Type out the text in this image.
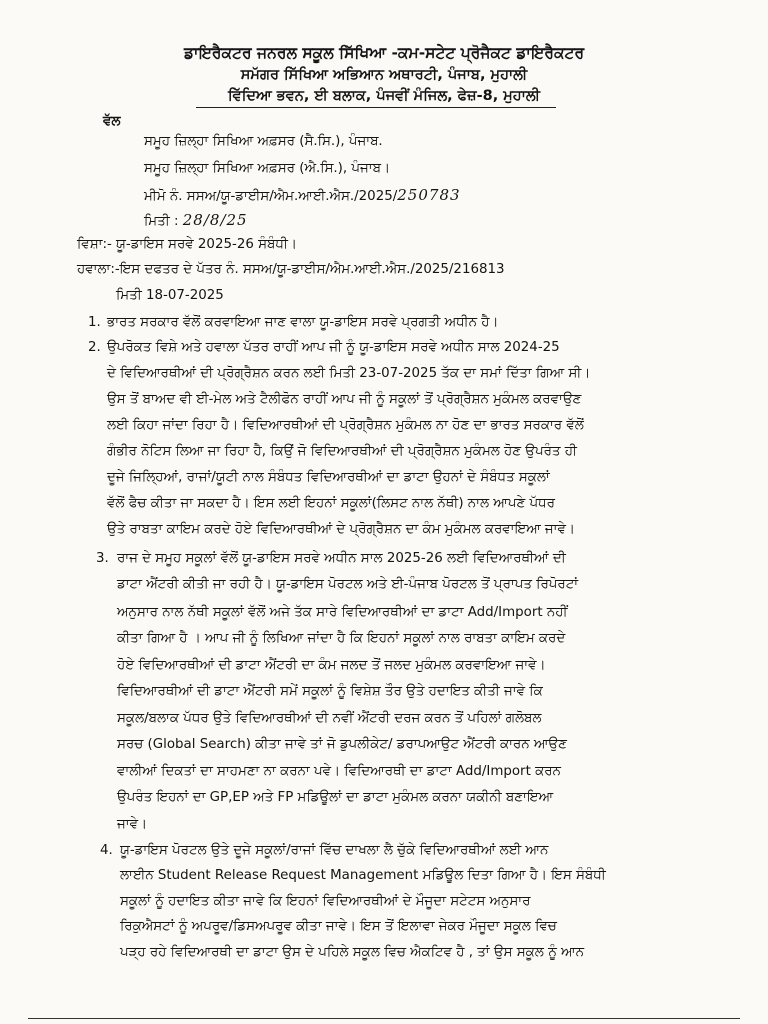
ਡਾਇਰੈਕਟਰ ਜਨਰਲ ਸਕੂਲ ਸਿੱਖਿਆ -ਕਮ-ਸਟੇਟ ਪ੍ਰੋਜੈਕਟ ਡਾਇਰੈਕਟਰ
ਸਮੱਗਰ ਸਿੱਖਿਆ ਅਭਿਆਨ ਅਥਾਰਟੀ, ਪੰਜਾਬ, ਮੁਹਾਲੀ
ਵਿੱਦਿਆ ਭਵਨ, ਈ ਬਲਾਕ, ਪੰਜਵੀਂ ਮੰਜਿਲ, ਫੇਜ਼-8, ਮੁਹਾਲੀ
ਵੱਲ
ਸਮੂਹ ਜ਼ਿਲ੍ਹਾ ਸਿਖਿਆ ਅਫ਼ਸਰ (ਸੈ.ਸਿ.), ਪੰਜਾਬ.
ਸਮੂਹ ਜ਼ਿਲ੍ਹਾ ਸਿਖਿਆ ਅਫ਼ਸਰ (ਐ.ਸਿ.), ਪੰਜਾਬ।
ਮੀਮੋ ਨੰ. ਸਸਅ/ਯੂ-ਡਾਈਸ/ਐਮ.ਆਈ.ਐਸ./2025/250783
ਮਿਤੀ : 28/8/25
ਵਿਸ਼ਾ:- ਯੂ-ਡਾਇਸ ਸਰਵੇ 2025-26 ਸੰਬੰਧੀ।
ਹਵਾਲਾ:-ਇਸ ਦਫਤਰ ਦੇ ਪੱਤਰ ਨੰ. ਸਸਅ/ਯੂ-ਡਾਈਸ/ਐਮ.ਆਈ.ਐਸ./2025/216813
ਮਿਤੀ 18-07-2025
1. ਭਾਰਤ ਸਰਕਾਰ ਵੱਲੋਂ ਕਰਵਾਇਆ ਜਾਣ ਵਾਲਾ ਯੂ-ਡਾਇਸ ਸਰਵੇ ਪ੍ਰਗਤੀ ਅਧੀਨ ਹੈ।
2. ਉਪਰੋਕਤ ਵਿਸ਼ੇ ਅਤੇ ਹਵਾਲਾ ਪੱਤਰ ਰਾਹੀਂ ਆਪ ਜੀ ਨੂੰ ਯੂ-ਡਾਇਸ ਸਰਵੇ ਅਧੀਨ ਸਾਲ 2024-25
ਦੇ ਵਿਦਿਆਰਥੀਆਂ ਦੀ ਪ੍ਰੋਗ੍ਰੈਸ਼ਨ ਕਰਨ ਲਈ ਮਿਤੀ 23-07-2025 ਤੱਕ ਦਾ ਸਮਾਂ ਦਿੱਤਾ ਗਿਆ ਸੀ।
ਉਸ ਤੋਂ ਬਾਅਦ ਵੀ ਈ-ਮੇਲ ਅਤੇ ਟੈਲੀਫੋਨ ਰਾਹੀਂ ਆਪ ਜੀ ਨੂੰ ਸਕੂਲਾਂ ਤੋਂ ਪ੍ਰੋਗ੍ਰੈਸ਼ਨ ਮੁਕੰਮਲ ਕਰਵਾਉਣ
ਲਈ ਕਿਹਾ ਜਾਂਦਾ ਰਿਹਾ ਹੈ। ਵਿਦਿਆਰਥੀਆਂ ਦੀ ਪ੍ਰੋਗ੍ਰੈਸ਼ਨ ਮੁਕੰਮਲ ਨਾ ਹੋਣ ਦਾ ਭਾਰਤ ਸਰਕਾਰ ਵੱਲੋਂ
ਗੰਭੀਰ ਨੋਟਿਸ ਲਿਆ ਜਾ ਰਿਹਾ ਹੈ, ਕਿਉਂ ਜੋ ਵਿਦਿਆਰਥੀਆਂ ਦੀ ਪ੍ਰੋਗ੍ਰੈਸ਼ਨ ਮੁਕੰਮਲ ਹੋਣ ਉਪਰੰਤ ਹੀ
ਦੂਜੇ ਜਿਲ੍ਹਿਆਂ, ਰਾਜਾਂ/ਯੂਟੀ ਨਾਲ ਸੰਬੰਧਤ ਵਿਦਿਆਰਥੀਆਂ ਦਾ ਡਾਟਾ ਉਹਨਾਂ ਦੇ ਸੰਬੰਧਤ ਸਕੂਲਾਂ
ਵੱਲੋਂ ਫੈਚ ਕੀਤਾ ਜਾ ਸਕਦਾ ਹੈ। ਇਸ ਲਈ ਇਹਨਾਂ ਸਕੂਲਾਂ(ਲਿਸਟ ਨਾਲ ਨੱਥੀ) ਨਾਲ ਆਪਣੇ ਪੱਧਰ
ਉਤੇ ਰਾਬਤਾ ਕਾਇਮ ਕਰਦੇ ਹੋਏ ਵਿਦਿਆਰਥੀਆਂ ਦੇ ਪ੍ਰੋਗ੍ਰੈਸ਼ਨ ਦਾ ਕੰਮ ਮੁਕੰਮਲ ਕਰਵਾਇਆ ਜਾਵੇ।
3. ਰਾਜ ਦੇ ਸਮੂਹ ਸਕੂਲਾਂ ਵੱਲੋਂ ਯੂ-ਡਾਇਸ ਸਰਵੇ ਅਧੀਨ ਸਾਲ 2025-26 ਲਈ ਵਿਦਿਆਰਥੀਆਂ ਦੀ
ਡਾਟਾ ਐਂਟਰੀ ਕੀਤੀ ਜਾ ਰਹੀ ਹੈ। ਯੂ-ਡਾਇਸ ਪੋਰਟਲ ਅਤੇ ਈ-ਪੰਜਾਬ ਪੋਰਟਲ ਤੋਂ ਪ੍ਰਾਪਤ ਰਿਪੋਰਟਾਂ
ਅਨੁਸਾਰ ਨਾਲ ਨੱਥੀ ਸਕੂਲਾਂ ਵੱਲੋਂ ਅਜੇ ਤੱਕ ਸਾਰੇ ਵਿਦਿਆਰਥੀਆਂ ਦਾ ਡਾਟਾ Add/Import ਨਹੀਂ
ਕੀਤਾ ਗਿਆ ਹੈ । ਆਪ ਜੀ ਨੂੰ ਲਿਖਿਆ ਜਾਂਦਾ ਹੈ ਕਿ ਇਹਨਾਂ ਸਕੂਲਾਂ ਨਾਲ ਰਾਬਤਾ ਕਾਇਮ ਕਰਦੇ
ਹੋਏ ਵਿਦਿਆਰਥੀਆਂ ਦੀ ਡਾਟਾ ਐਂਟਰੀ ਦਾ ਕੰਮ ਜਲਦ ਤੋਂ ਜਲਦ ਮੁਕੰਮਲ ਕਰਵਾਇਆ ਜਾਵੇ।
ਵਿਦਿਆਰਥੀਆਂ ਦੀ ਡਾਟਾ ਐਂਟਰੀ ਸਮੇਂ ਸਕੂਲਾਂ ਨੂੰ ਵਿਸ਼ੇਸ਼ ਤੌਰ ਉਤੇ ਹਦਾਇਤ ਕੀਤੀ ਜਾਵੇ ਕਿ
ਸਕੂਲ/ਬਲਾਕ ਪੱਧਰ ਉਤੇ ਵਿਦਿਆਰਥੀਆਂ ਦੀ ਨਵੀਂ ਐਂਟਰੀ ਦਰਜ ਕਰਨ ਤੋਂ ਪਹਿਲਾਂ ਗਲੋਬਲ
ਸਰਚ (Global Search) ਕੀਤਾ ਜਾਵੇ ਤਾਂ ਜੋ ਡੁਪਲੀਕੇਟ/ ਡਰਾਪਆਉਟ ਐਂਟਰੀ ਕਾਰਨ ਆਉਣ
ਵਾਲੀਆਂ ਦਿਕਤਾਂ ਦਾ ਸਾਹਮਣਾ ਨਾ ਕਰਨਾ ਪਵੇ। ਵਿਦਿਆਰਥੀ ਦਾ ਡਾਟਾ Add/Import ਕਰਨ
ਉਪਰੰਤ ਇਹਨਾਂ ਦਾ GP,EP ਅਤੇ FP ਮਡਿਊਲਾਂ ਦਾ ਡਾਟਾ ਮੁਕੰਮਲ ਕਰਨਾ ਯਕੀਨੀ ਬਣਾਇਆ
ਜਾਵੇ।
4. ਯੂ-ਡਾਇਸ ਪੋਰਟਲ ਉਤੇ ਦੂਜੇ ਸਕੂਲਾਂ/ਰਾਜਾਂ ਵਿੱਚ ਦਾਖਲਾ ਲੈ ਚੁੱਕੇ ਵਿਦਿਆਰਥੀਆਂ ਲਈ ਆਨ
ਲਾਈਨ Student Release Request Management ਮਡਿਊਲ ਦਿਤਾ ਗਿਆ ਹੈ। ਇਸ ਸੰਬੰਧੀ
ਸਕੂਲਾਂ ਨੂੰ ਹਦਾਇਤ ਕੀਤਾ ਜਾਵੇ ਕਿ ਇਹਨਾਂ ਵਿਦਿਆਰਥੀਆਂ ਦੇ ਮੌਜੂਦਾ ਸਟੇਟਸ ਅਨੁਸਾਰ
ਰਿਕੁਐਸਟਾਂ ਨੂੰ ਅਪਰੂਵ/ਡਿਸਅਪਰੂਵ ਕੀਤਾ ਜਾਵੇ। ਇਸ ਤੋਂ ਇਲਾਵਾ ਜੇਕਰ ਮੌਜੂਦਾ ਸਕੂਲ ਵਿਚ
ਪੜ੍ਹ ਰਹੇ ਵਿਦਿਆਰਥੀ ਦਾ ਡਾਟਾ ਉਸ ਦੇ ਪਹਿਲੇ ਸਕੂਲ ਵਿਚ ਐਕਟਿਵ ਹੈ , ਤਾਂ ਉਸ ਸਕੂਲ ਨੂੰ ਆਨ
